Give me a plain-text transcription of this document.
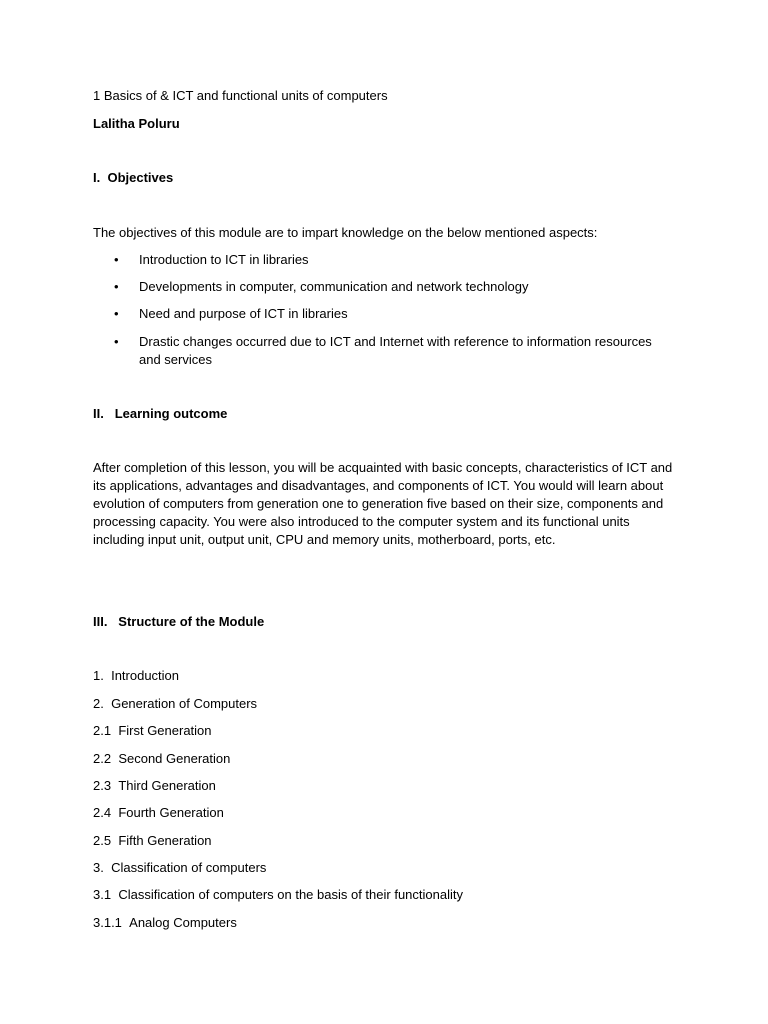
1 Basics of & ICT and functional units of computers
Lalitha Poluru
I. Objectives
The objectives of this module are to impart knowledge on the below mentioned aspects:
•	Introduction to ICT in libraries
•	Developments in computer, communication and network technology
•	Need and purpose of ICT in libraries
•	Drastic changes occurred due to ICT and Internet with reference to information resources and services
II. Learning outcome
After completion of this lesson, you will be acquainted with basic concepts, characteristics of ICT and its applications, advantages and disadvantages, and components of ICT. You would will learn about evolution of computers from generation one to generation five based on their size, components and processing capacity. You were also introduced to the computer system and its functional units including input unit, output unit, CPU and memory units, motherboard, ports, etc.
III. Structure of the Module
1. Introduction
2. Generation of Computers
2.1 First Generation
2.2 Second Generation
2.3 Third Generation
2.4 Fourth Generation
2.5 Fifth Generation
3. Classification of computers
3.1 Classification of computers on the basis of their functionality
3.1.1 Analog Computers
